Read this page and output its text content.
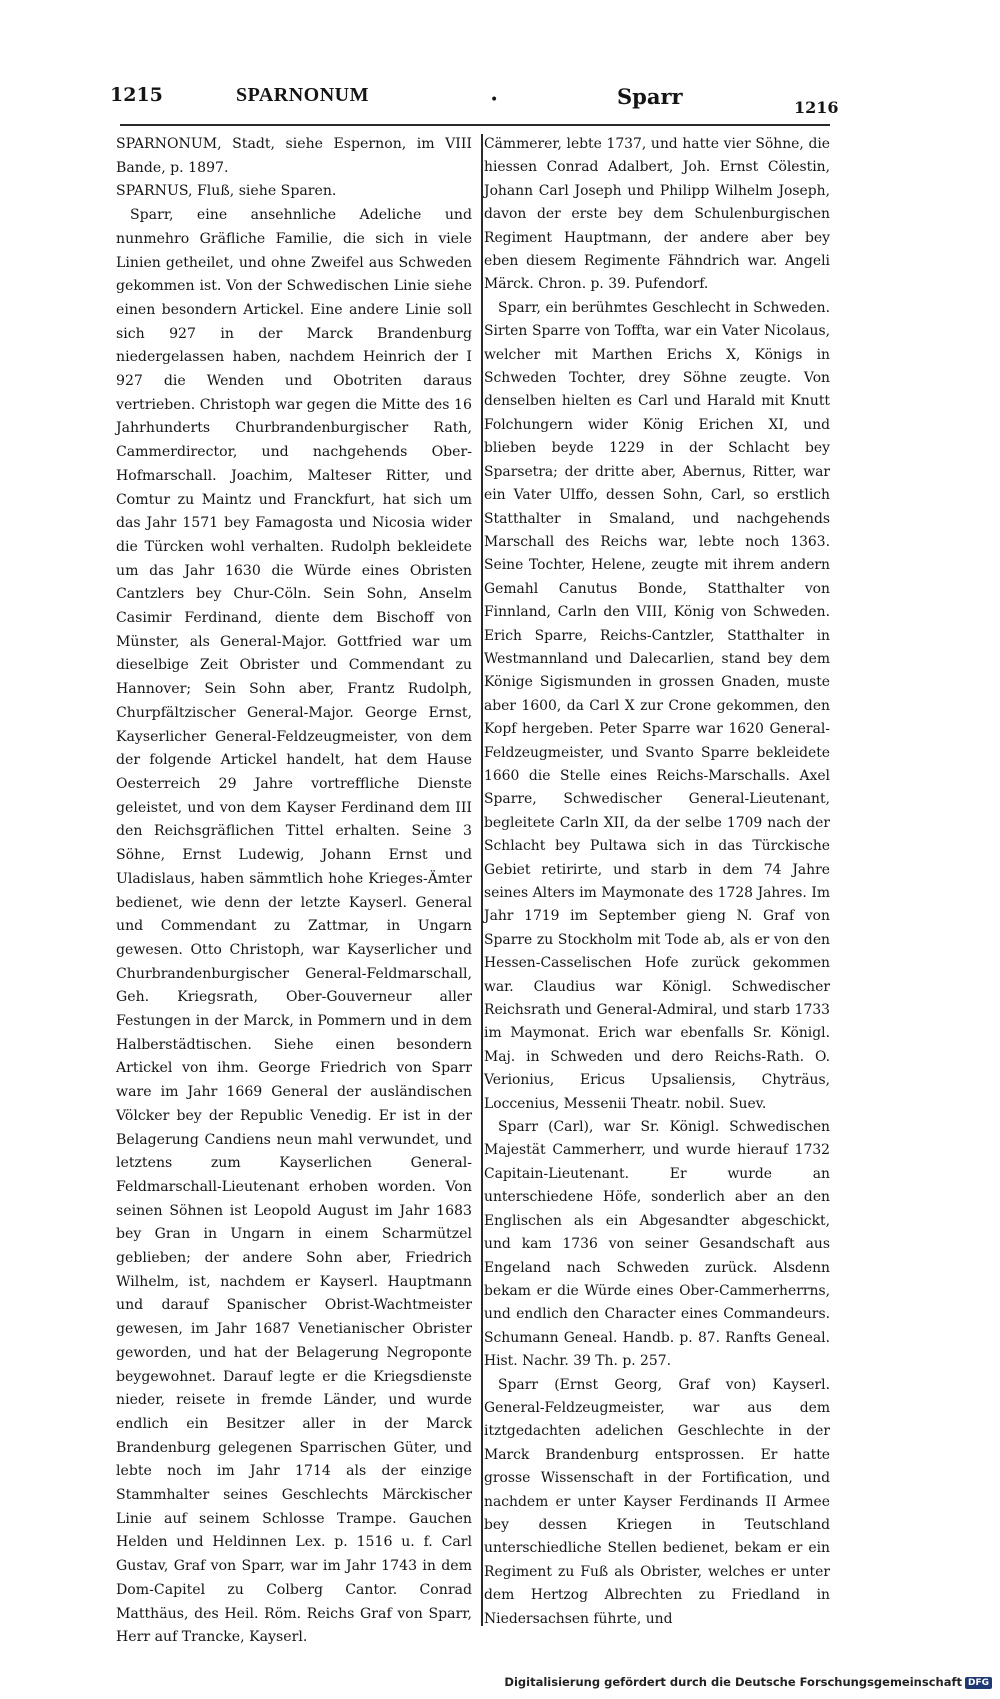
1215	SPARNONUM	•	Sparr	1216

SPARNONUM, Stadt, siehe Espernon, im VIII Bande, p. 1897.

SPARNUS, Fluß, siehe Sparen.

Sparr, eine ansehnliche Adeliche und nunmehro Gräfliche Familie, die sich in viele Linien getheilet, und ohne Zweifel aus Schweden gekommen ist. Von der Schwedischen Linie siehe einen besondern Artickel. Eine andere Linie soll sich 927 in der Marck Brandenburg niedergelassen haben, nachdem Heinrich der I 927 die Wenden und Obotriten daraus vertrieben. Christoph war gegen die Mitte des 16 Jahrhunderts Churbrandenburgischer Rath, Cammerdirector, und nachgehends Ober-Hofmarschall. Joachim, Malteser Ritter, und Comtur zu Maintz und Franckfurt, hat sich um das Jahr 1571 bey Famagosta und Nicosia wider die Türcken wohl verhalten. Rudolph bekleidete um das Jahr 1630 die Würde eines Obristen Cantzlers bey Chur-Cöln. Sein Sohn, Anselm Casimir Ferdinand, diente dem Bischoff von Münster, als General-Major. Gottfried war um dieselbige Zeit Obrister und Commendant zu Hannover; Sein Sohn aber, Frantz Rudolph, Churpfältzischer General-Major. George Ernst, Kayserlicher General-Feldzeugmeister, von dem der folgende Artickel handelt, hat dem Hause Oesterreich 29 Jahre vortreffliche Dienste geleistet, und von dem Kayser Ferdinand dem III den Reichsgräflichen Tittel erhalten. Seine 3 Söhne, Ernst Ludewig, Johann Ernst und Uladislaus, haben sämmtlich hohe Krieges-Ämter bedienet, wie denn der letzte Kayserl. General und Commendant zu Zattmar, in Ungarn gewesen. Otto Christoph, war Kayserlicher und Churbrandenburgischer General-Feldmarschall, Geh. Kriegsrath, Ober-Gouverneur aller Festungen in der Marck, in Pommern und in dem Halberstädtischen. Siehe einen besondern Artickel von ihm. George Friedrich von Sparr ware im Jahr 1669 General der ausländischen Völcker bey der Republic Venedig. Er ist in der Belagerung Candiens neun mahl verwundet, und letztens zum Kayserlichen General-Feldmarschall-Lieutenant erhoben worden. Von seinen Söhnen ist Leopold August im Jahr 1683 bey Gran in Ungarn in einem Scharmützel geblieben; der andere Sohn aber, Friedrich Wilhelm, ist, nachdem er Kayserl. Hauptmann und darauf Spanischer Obrist-Wachtmeister gewesen, im Jahr 1687 Venetianischer Obrister geworden, und hat der Belagerung Negroponte beygewohnet. Darauf legte er die Kriegsdienste nieder, reisete in fremde Länder, und wurde endlich ein Besitzer aller in der Marck Brandenburg gelegenen Sparrischen Güter, und lebte noch im Jahr 1714 als der einzige Stammhalter seines Geschlechts Märckischer Linie auf seinem Schlosse Trampe. Gauchen Helden und Heldinnen Lex. p. 1516 u. f. Carl Gustav, Graf von Sparr, war im Jahr 1743 in dem Dom-Capitel zu Colberg Cantor. Conrad Matthäus, des Heil. Röm. Reichs Graf von Sparr, Herr auf Trancke, Kayserl.

Cämmerer, lebte 1737, und hatte vier Söhne, die hiessen Conrad Adalbert, Joh. Ernst Cölestin, Johann Carl Joseph und Philipp Wilhelm Joseph, davon der erste bey dem Schulenburgischen Regiment Hauptmann, der andere aber bey eben diesem Regimente Fähndrich war. Angeli Märck. Chron. p. 39. Pufendorf.

Sparr, ein berühmtes Geschlecht in Schweden. Sirten Sparre von Toffta, war ein Vater Nicolaus, welcher mit Marthen Erichs X, Königs in Schweden Tochter, drey Söhne zeugte. Von denselben hielten es Carl und Harald mit Knutt Folchungern wider König Erichen XI, und blieben beyde 1229 in der Schlacht bey Sparsetra; der dritte aber, Abernus, Ritter, war ein Vater Ulffo, dessen Sohn, Carl, so erstlich Statthalter in Smaland, und nachgehends Marschall des Reichs war, lebte noch 1363. Seine Tochter, Helene, zeugte mit ihrem andern Gemahl Canutus Bonde, Statthalter von Finnland, Carln den VIII, König von Schweden. Erich Sparre, Reichs-Cantzler, Statthalter in Westmannland und Dalecarlien, stand bey dem Könige Sigismunden in grossen Gnaden, muste aber 1600, da Carl X zur Crone gekommen, den Kopf hergeben. Peter Sparre war 1620 General-Feldzeugmeister, und Svanto Sparre bekleidete 1660 die Stelle eines Reichs-Marschalls. Axel Sparre, Schwedischer General-Lieutenant, begleitete Carln XII, da der selbe 1709 nach der Schlacht bey Pultawa sich in das Türckische Gebiet retirirte, und starb in dem 74 Jahre seines Alters im Maymonate des 1728 Jahres. Im Jahr 1719 im September gieng N. Graf von Sparre zu Stockholm mit Tode ab, als er von den Hessen-Casselischen Hofe zurück gekommen war. Claudius war Königl. Schwedischer Reichsrath und General-Admiral, und starb 1733 im Maymonat. Erich war ebenfalls Sr. Königl. Maj. in Schweden und dero Reichs-Rath. O. Verionius, Ericus Upsaliensis, Chyträus, Loccenius, Messenii Theatr. nobil. Suev.

Sparr (Carl), war Sr. Königl. Schwedischen Majestät Cammerherr, und wurde hierauf 1732 Capitain-Lieutenant. Er wurde an unterschiedene Höfe, sonderlich aber an den Englischen als ein Abgesandter abgeschickt, und kam 1736 von seiner Gesandschaft aus Engeland nach Schweden zurück. Alsdenn bekam er die Würde eines Ober-Cammerherrns, und endlich den Character eines Commandeurs. Schumann Geneal. Handb. p. 87. Ranfts Geneal. Hist. Nachr. 39 Th. p. 257.

Sparr (Ernst Georg, Graf von) Kayserl. General-Feldzeugmeister, war aus dem itztgedachten adelichen Geschlechte in der Marck Brandenburg entsprossen. Er hatte grosse Wissenschaft in der Fortification, und nachdem er unter Kayser Ferdinands II Armee bey dessen Kriegen in Teutschland unterschiedliche Stellen bedienet, bekam er ein Regiment zu Fuß als Obrister, welches er unter dem Hertzog Albrechten zu Friedland in Niedersachsen führte, und

Digitalisierung gefördert durch die Deutsche Forschungsgemeinschaft DFG
